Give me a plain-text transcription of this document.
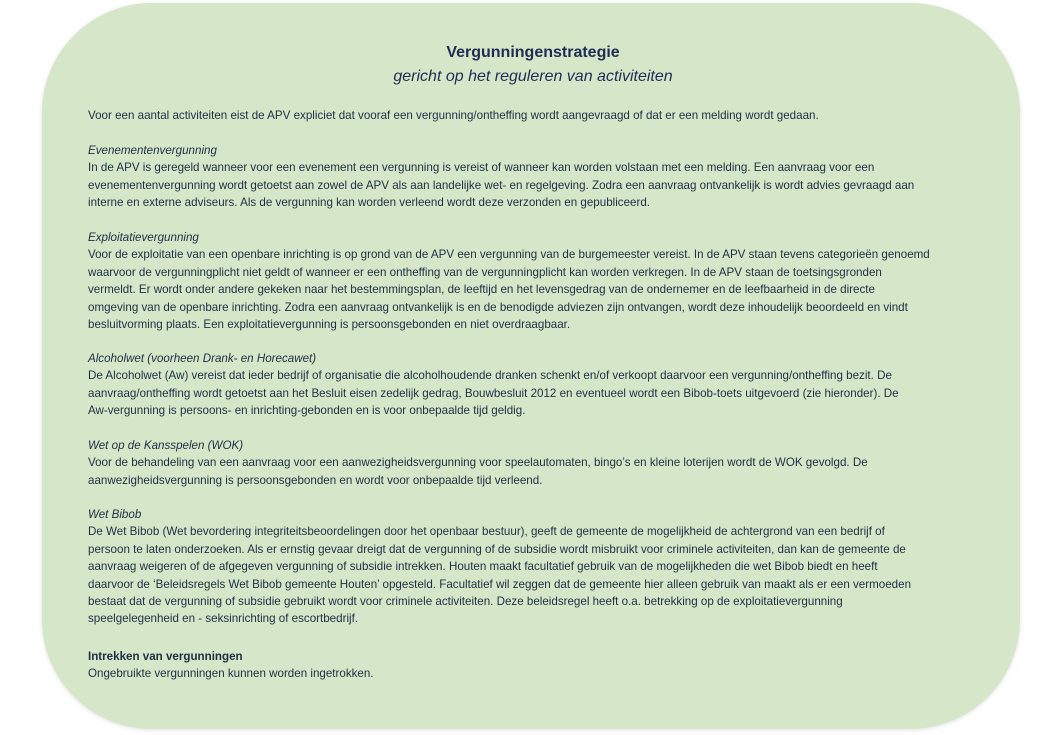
Vergunningenstrategie
gericht op het reguleren van activiteiten

Voor een aantal activiteiten eist de APV expliciet dat vooraf een vergunning/ontheffing wordt aangevraagd of dat er een melding wordt gedaan.

Evenementenvergunning

In de APV is geregeld wanneer voor een evenement een vergunning is vereist of wanneer kan worden volstaan met een melding. Een aanvraag voor een

evenementenvergunning wordt getoetst aan zowel de APV als aan landelijke wet- en regelgeving. Zodra een aanvraag ontvankelijk is wordt advies gevraagd aan

interne en externe adviseurs. Als de vergunning kan worden verleend wordt deze verzonden en gepubliceerd.

Exploitatievergunning

Voor de exploitatie van een openbare inrichting is op grond van de APV een vergunning van de burgemeester vereist. In de APV staan tevens categorieën genoemd

waarvoor de vergunningplicht niet geldt of wanneer er een ontheffing van de vergunningplicht kan worden verkregen. In de APV staan de toetsingsgronden

vermeldt. Er wordt onder andere gekeken naar het bestemmingsplan, de leeftijd en het levensgedrag van de ondernemer en de leefbaarheid in de directe

omgeving van de openbare inrichting. Zodra een aanvraag ontvankelijk is en de benodigde adviezen zijn ontvangen, wordt deze inhoudelijk beoordeeld en vindt

besluitvorming plaats. Een exploitatievergunning is persoonsgebonden en niet overdraagbaar.

Alcoholwet (voorheen Drank- en Horecawet)

De Alcoholwet (Aw) vereist dat ieder bedrijf of organisatie die alcoholhoudende dranken schenkt en/of verkoopt daarvoor een vergunning/ontheffing bezit. De

aanvraag/ontheffing wordt getoetst aan het Besluit eisen zedelijk gedrag, Bouwbesluit 2012 en eventueel wordt een Bibob-toets uitgevoerd (zie hieronder). De

Aw-vergunning is persoons- en inrichting-gebonden en is voor onbepaalde tijd geldig.

Wet op de Kansspelen (WOK)

Voor de behandeling van een aanvraag voor een aanwezigheidsvergunning voor speelautomaten, bingo’s en kleine loterijen wordt de WOK gevolgd. De

aanwezigheidsvergunning is persoonsgebonden en wordt voor onbepaalde tijd verleend.

Wet Bibob

De Wet Bibob (Wet bevordering integriteitsbeoordelingen door het openbaar bestuur), geeft de gemeente de mogelijkheid de achtergrond van een bedrijf of

persoon te laten onderzoeken. Als er ernstig gevaar dreigt dat de vergunning of de subsidie wordt misbruikt voor criminele activiteiten, dan kan de gemeente de

aanvraag weigeren of de afgegeven vergunning of subsidie intrekken. Houten maakt facultatief gebruik van de mogelijkheden die wet Bibob biedt en heeft

daarvoor de ‘Beleidsregels Wet Bibob gemeente Houten’ opgesteld. Facultatief wil zeggen dat de gemeente hier alleen gebruik van maakt als er een vermoeden

bestaat dat de vergunning of subsidie gebruikt wordt voor criminele activiteiten. Deze beleidsregel heeft o.a. betrekking op de exploitatievergunning

speelgelegenheid en - seksinrichting of escortbedrijf.

Intrekken van vergunningen

Ongebruikte vergunningen kunnen worden ingetrokken.
